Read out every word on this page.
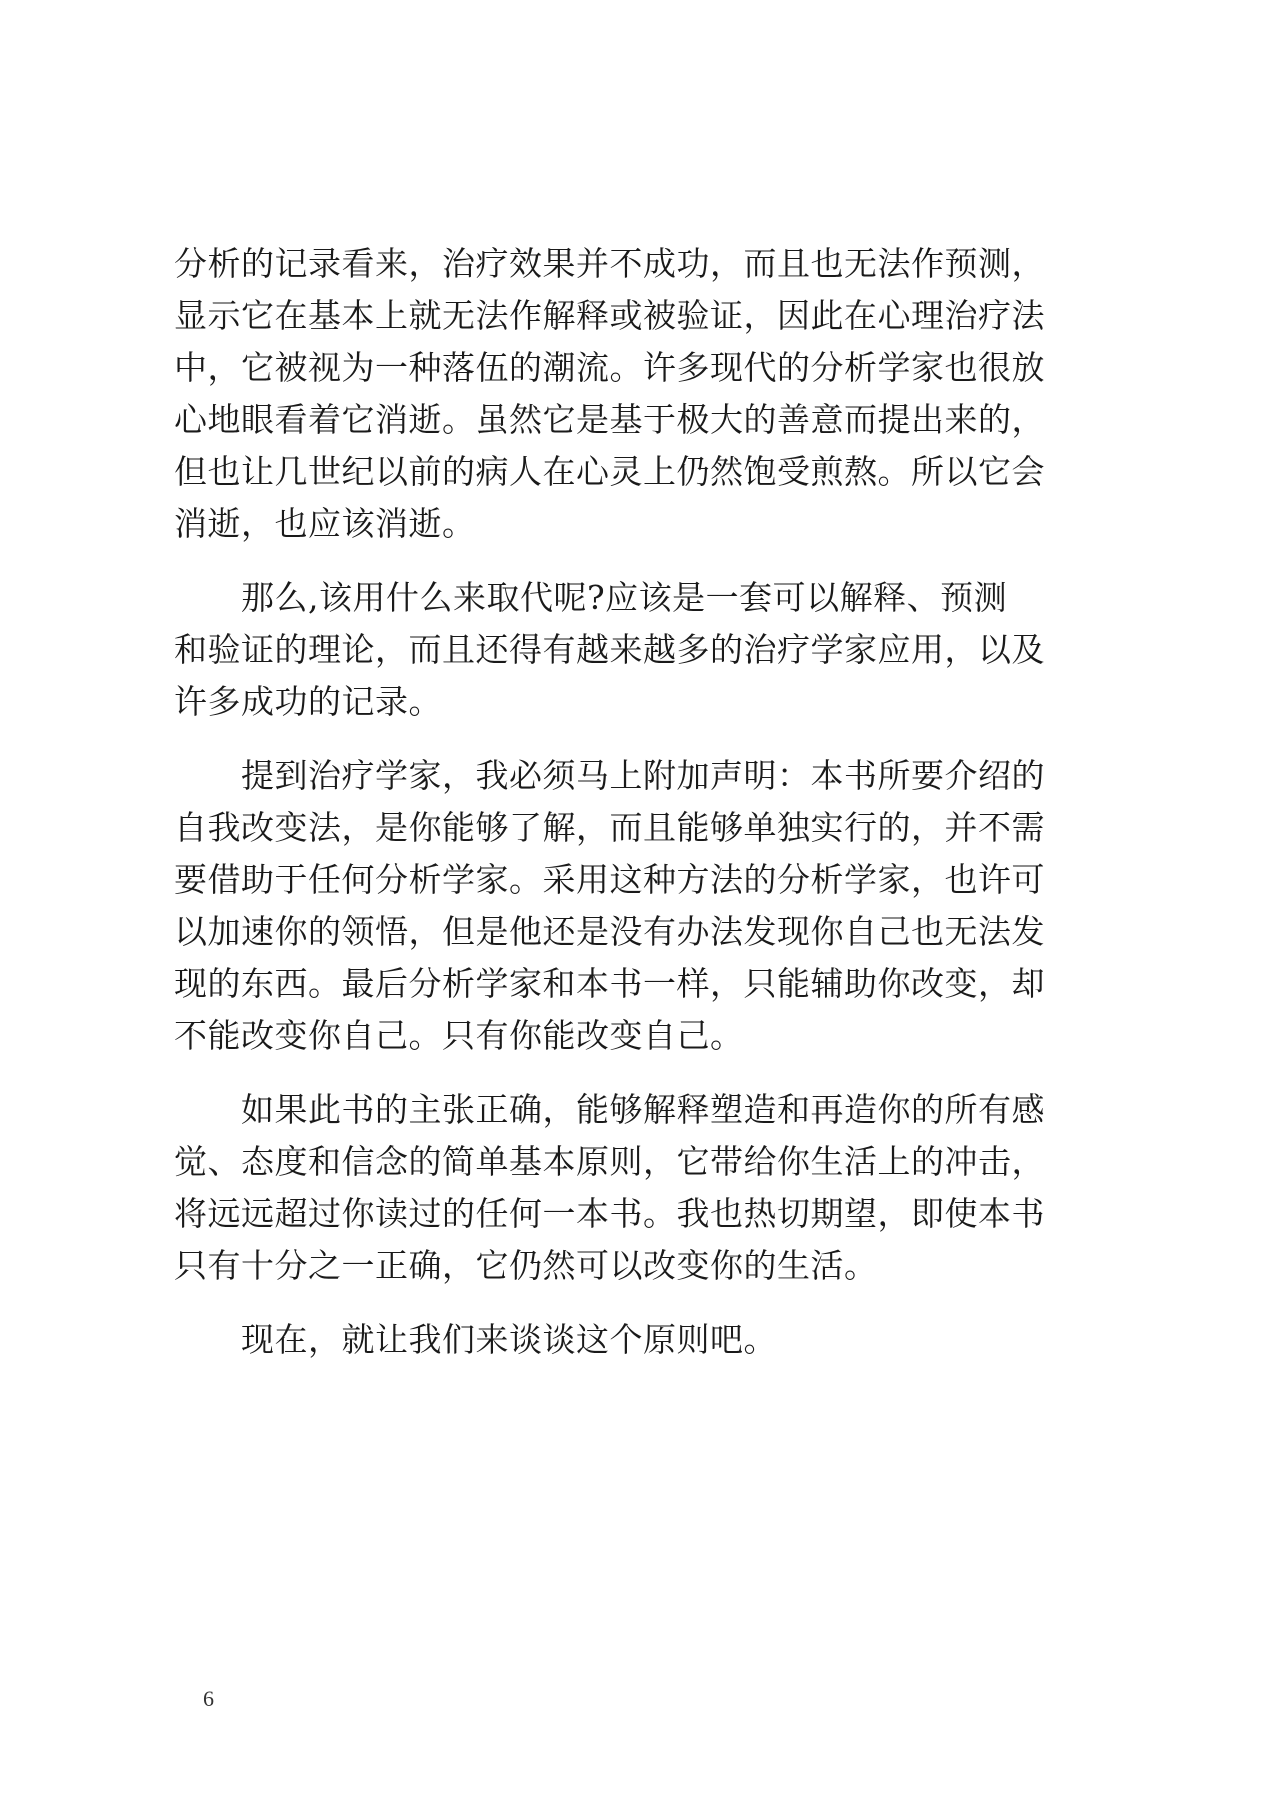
分析的记录看来，治疗效果并不成功，而且也无法作预测，
显示它在基本上就无法作解释或被验证，因此在心理治疗法
中，它被视为一种落伍的潮流。许多现代的分析学家也很放
心地眼看着它消逝。虽然它是基于极大的善意而提出来的，
但也让几世纪以前的病人在心灵上仍然饱受煎熬。所以它会
消逝，也应该消逝。

　　那么,该用什么来取代呢?应该是一套可以解释、预测
和验证的理论，而且还得有越来越多的治疗学家应用，以及
许多成功的记录。

　　提到治疗学家，我必须马上附加声明：本书所要介绍的
自我改变法，是你能够了解，而且能够单独实行的，并不需
要借助于任何分析学家。采用这种方法的分析学家，也许可
以加速你的领悟，但是他还是没有办法发现你自己也无法发
现的东西。最后分析学家和本书一样，只能辅助你改变，却
不能改变你自己。只有你能改变自己。

　　如果此书的主张正确，能够解释塑造和再造你的所有感
觉、态度和信念的简单基本原则，它带给你生活上的冲击，
将远远超过你读过的任何一本书。我也热切期望，即使本书
只有十分之一正确，它仍然可以改变你的生活。

　　现在，就让我们来谈谈这个原则吧。

6
